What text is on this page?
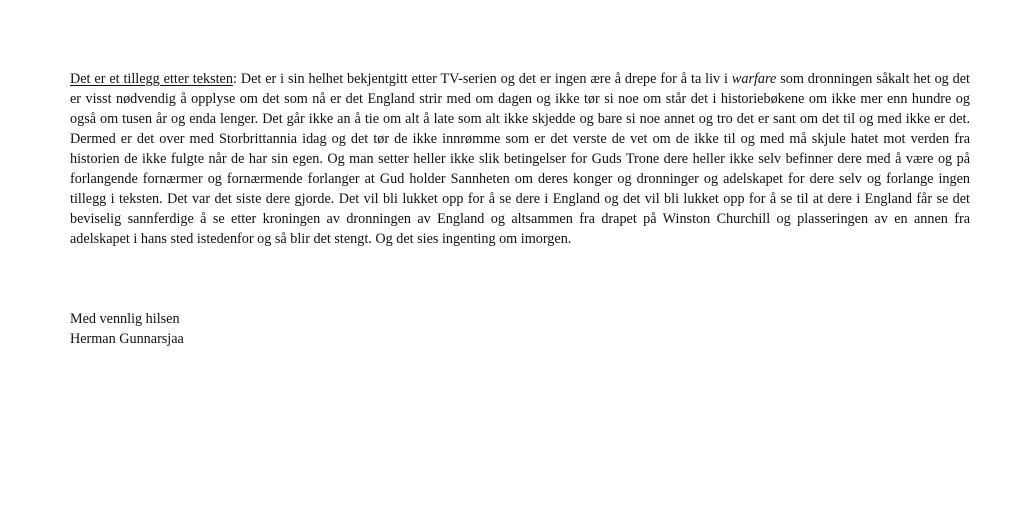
Det er et tillegg etter teksten: Det er i sin helhet bekjentgitt etter TV-serien og det er ingen ære å drepe for å ta liv i warfare som dronningen såkalt het og det er visst nødvendig å opplyse om det som nå er det England strir med om dagen og ikke tør si noe om står det i historiebøkene om ikke mer enn hundre og også om tusen år og enda lenger. Det går ikke an å tie om alt å late som alt ikke skjedde og bare si noe annet og tro det er sant om det til og med ikke er det. Dermed er det over med Storbrittannia idag og det tør de ikke innrømme som er det verste de vet om de ikke til og med må skjule hatet mot verden fra historien de ikke fulgte når de har sin egen. Og man setter heller ikke slik betingelser for Guds Trone dere heller ikke selv befinner dere med å være og på forlangende fornærmer og fornærmende forlanger at Gud holder Sannheten om deres konger og dronninger og adelskapet for dere selv og forlange ingen tillegg i teksten. Det var det siste dere gjorde. Det vil bli lukket opp for å se dere i England og det vil bli lukket opp for å se til at dere i England får se det beviselig sannferdige å se etter kroningen av dronningen av England og altsammen fra drapet på Winston Churchill og plasseringen av en annen fra adelskapet i hans sted istedenfor og så blir det stengt. Og det sies ingenting om imorgen.

Med vennlig hilsen
Herman Gunnarsjaa
